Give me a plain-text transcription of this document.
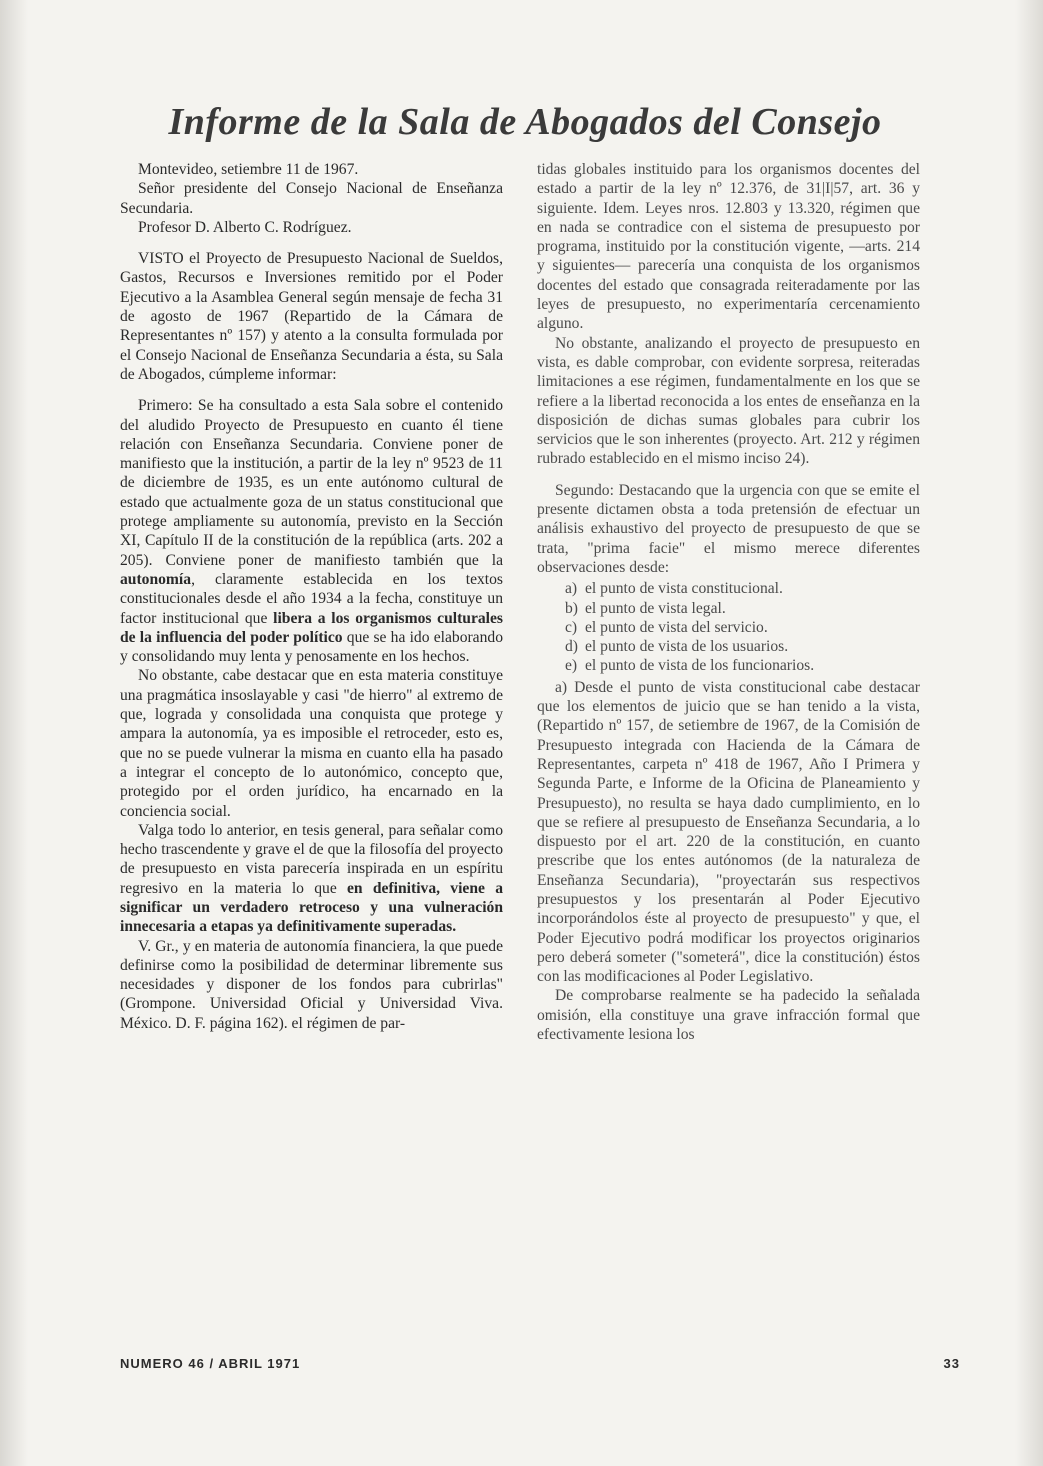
Informe de la Sala de Abogados del Consejo

Montevideo, setiembre 11 de 1967.

Señor presidente del Consejo Nacional de Enseñanza Secundaria.

Profesor D. Alberto C. Rodríguez.

VISTO el Proyecto de Presupuesto Nacional de Sueldos, Gastos, Recursos e Inversiones remitido por el Poder Ejecutivo a la Asamblea General según mensaje de fecha 31 de agosto de 1967 (Repartido de la Cámara de Representantes nº 157) y atento a la consulta formulada por el Consejo Nacional de Enseñanza Secundaria a ésta, su Sala de Abogados, cúmpleme informar:

Primero: Se ha consultado a esta Sala sobre el contenido del aludido Proyecto de Presupuesto en cuanto él tiene relación con Enseñanza Secundaria. Conviene poner de manifiesto que la institución, a partir de la ley nº 9523 de 11 de diciembre de 1935, es un ente autónomo cultural de estado que actualmente goza de un status constitucional que protege ampliamente su autonomía, previsto en la Sección XI, Capítulo II de la constitución de la república (arts. 202 a 205). Conviene poner de manifiesto también que la autonomía, claramente establecida en los textos constitucionales desde el año 1934 a la fecha, constituye un factor institucional que libera a los organismos culturales de la influencia del poder político que se ha ido elaborando y consolidando muy lenta y penosamente en los hechos.

No obstante, cabe destacar que en esta materia constituye una pragmática insoslayable y casi "de hierro" al extremo de que, lograda y consolidada una conquista que protege y ampara la autonomía, ya es imposible el retroceder, esto es, que no se puede vulnerar la misma en cuanto ella ha pasado a integrar el concepto de lo autonómico, concepto que, protegido por el orden jurídico, ha encarnado en la conciencia social.

Valga todo lo anterior, en tesis general, para señalar como hecho trascendente y grave el de que la filosofía del proyecto de presupuesto en vista parecería inspirada en un espíritu regresivo en la materia lo que en definitiva, viene a significar un verdadero retroceso y una vulneración innecesaria a etapas ya definitivamente superadas.

V. Gr., y en materia de autonomía financiera, la que puede definirse como la posibilidad de determinar libremente sus necesidades y disponer de los fondos para cubrirlas" (Grompone. Universidad Oficial y Universidad Viva. México. D. F. página 162). el régimen de par-

tidas globales instituido para los organismos docentes del estado a partir de la ley nº 12.376, de 31|I|57, art. 36 y siguiente. Idem. Leyes nros. 12.803 y 13.320, régimen que en nada se contradice con el sistema de presupuesto por programa, instituido por la constitución vigente, —arts. 214 y siguientes— parecería una conquista de los organismos docentes del estado que consagrada reiteradamente por las leyes de presupuesto, no experimentaría cercenamiento alguno.

No obstante, analizando el proyecto de presupuesto en vista, es dable comprobar, con evidente sorpresa, reiteradas limitaciones a ese régimen, fundamentalmente en los que se refiere a la libertad reconocida a los entes de enseñanza en la disposición de dichas sumas globales para cubrir los servicios que le son inherentes (proyecto. Art. 212 y régimen rubrado establecido en el mismo inciso 24).

Segundo: Destacando que la urgencia con que se emite el presente dictamen obsta a toda pretensión de efectuar un análisis exhaustivo del proyecto de presupuesto de que se trata, "prima facie" el mismo merece diferentes observaciones desde:

a) el punto de vista constitucional.
b) el punto de vista legal.
c) el punto de vista del servicio.
d) el punto de vista de los usuarios.
e) el punto de vista de los funcionarios.

a) Desde el punto de vista constitucional cabe destacar que los elementos de juicio que se han tenido a la vista, (Repartido nº 157, de setiembre de 1967, de la Comisión de Presupuesto integrada con Hacienda de la Cámara de Representantes, carpeta nº 418 de 1967, Año I Primera y Segunda Parte, e Informe de la Oficina de Planeamiento y Presupuesto), no resulta se haya dado cumplimiento, en lo que se refiere al presupuesto de Enseñanza Secundaria, a lo dispuesto por el art. 220 de la constitución, en cuanto prescribe que los entes autónomos (de la naturaleza de Enseñanza Secundaria), "proyectarán sus respectivos presupuestos y los presentarán al Poder Ejecutivo incorporándolos éste al proyecto de presupuesto" y que, el Poder Ejecutivo podrá modificar los proyectos originarios pero deberá someter ("someterá", dice la constitución) éstos con las modificaciones al Poder Legislativo.

De comprobarse realmente se ha padecido la señalada omisión, ella constituye una grave infracción formal que efectivamente lesiona los

NUMERO 46 / ABRIL 1971	33
